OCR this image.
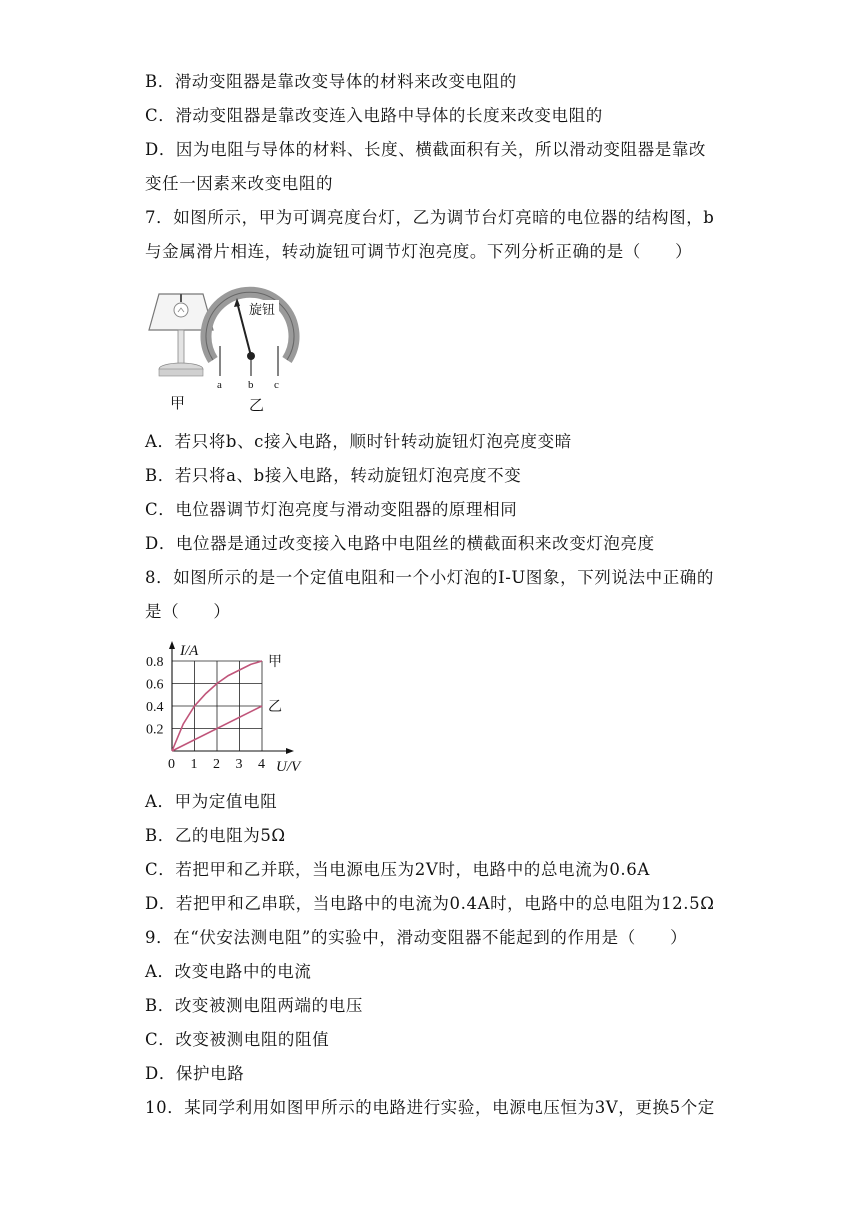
B．滑动变阻器是靠改变导体的材料来改变电阻的
C．滑动变阻器是靠改变连入电路中导体的长度来改变电阻的
D．因为电阻与导体的材料、长度、横截面积有关，所以滑动变阻器是靠改
变任一因素来改变电阻的
7．如图所示，甲为可调亮度台灯，乙为调节台灯亮暗的电位器的结构图，b
与金属滑片相连，转动旋钮可调节灯泡亮度。下列分析正确的是（　　）
旋钮
a b c
甲	乙
A．若只将b、c接入电路，顺时针转动旋钮灯泡亮度变暗
B．若只将a、b接入电路，转动旋钮灯泡亮度不变
C．电位器调节灯泡亮度与滑动变阻器的原理相同
D．电位器是通过改变接入电路中电阻丝的横截面积来改变灯泡亮度
8．如图所示的是一个定值电阻和一个小灯泡的I-U图象，下列说法中正确的
是（　　）
0 1 2 3 4
0.2
0.4
0.6
0.8
I/A
U/V
甲
乙
A．甲为定值电阻
B．乙的电阻为5Ω
C．若把甲和乙并联，当电源电压为2V时，电路中的总电流为0.6A
D．若把甲和乙串联，当电路中的电流为0.4A时，电路中的总电阻为12.5Ω
9．在“伏安法测电阻”的实验中，滑动变阻器不能起到的作用是（　　）
A．改变电路中的电流
B．改变被测电阻两端的电压
C．改变被测电阻的阻值
D．保护电路
10．某同学利用如图甲所示的电路进行实验，电源电压恒为3V，更换5个定
